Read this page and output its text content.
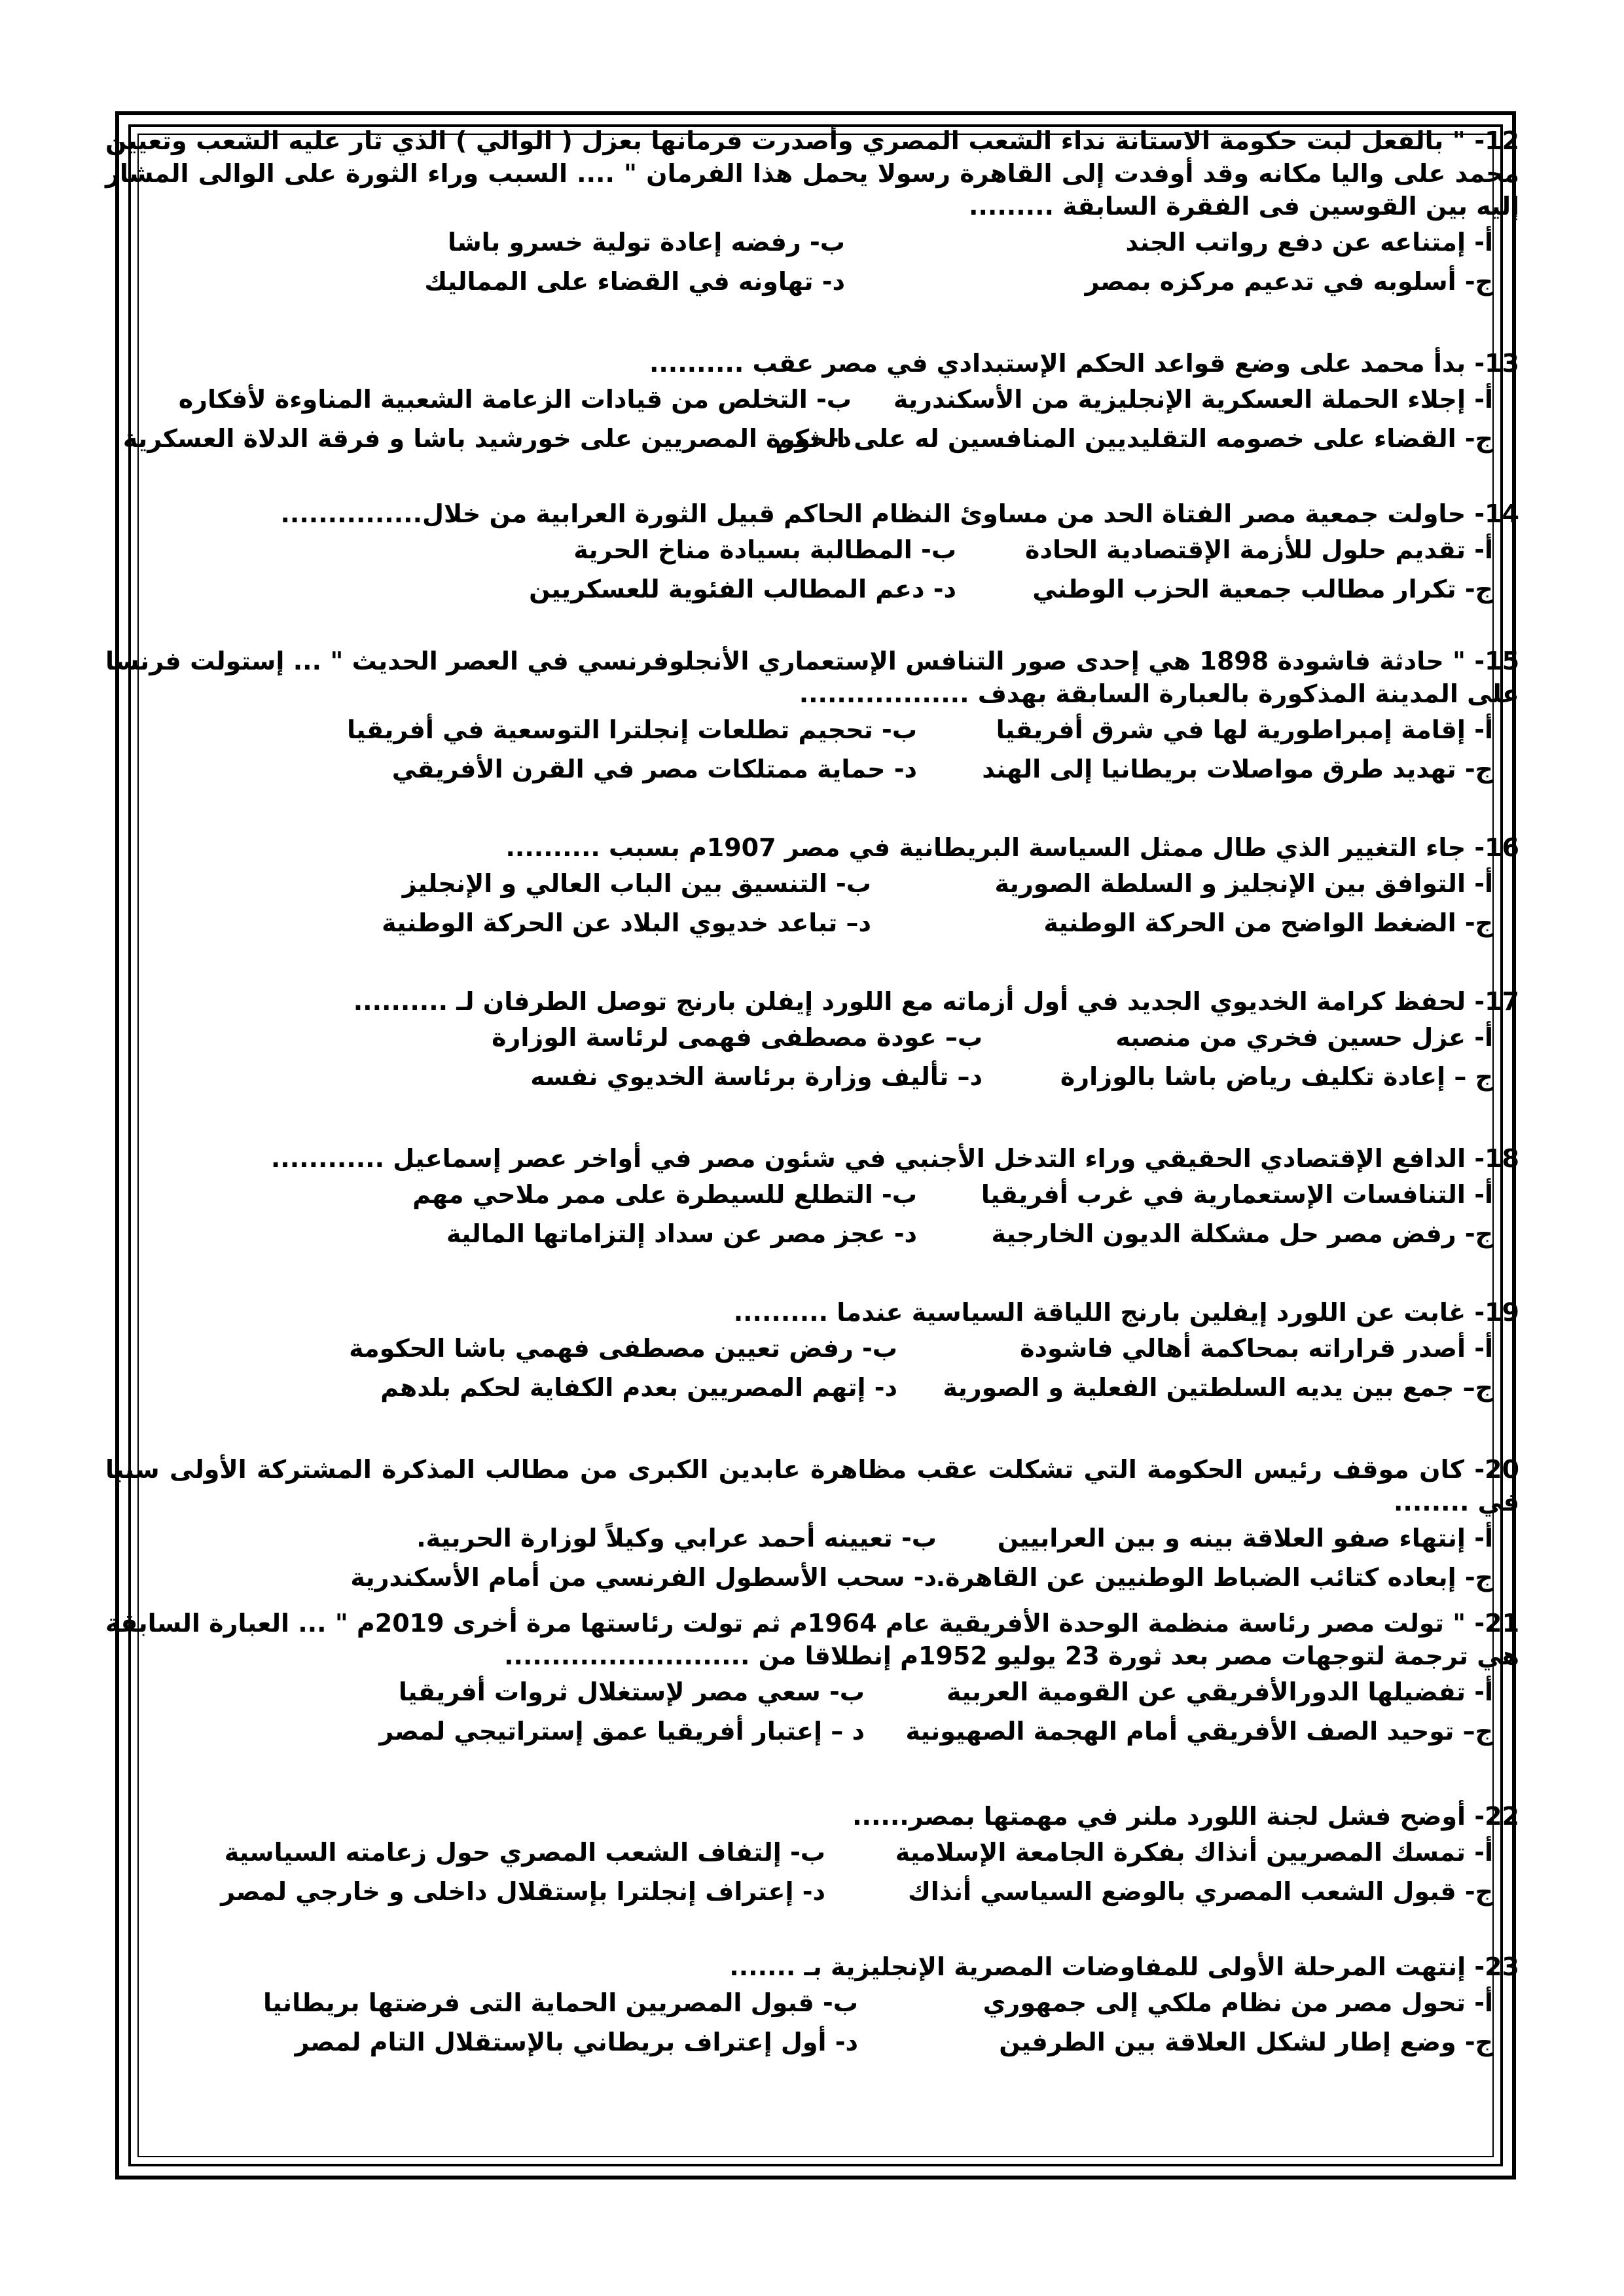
12- " بالفعل لبت حكومة الاستانة نداء الشعب المصري وأصدرت فرمانها بعزل ( الوالي ) الذي ثار عليه الشعب وتعيين محمد على واليا مكانه وقد أوفدت إلى القاهرة رسولا يحمل هذا الفرمان " .... السبب وراء الثورة على الوالى المشار إليه بين القوسين فى الفقرة السابقة .........
أ- إمتناعه عن دفع رواتب الجند
ب- رفضه إعادة تولية خسرو باشا
ج- أسلوبه في تدعيم مركزه بمصر
د- تهاونه في القضاء على المماليك
13- بدأ محمد على وضع قواعد الحكم الإستبدادي في مصر عقب ..........
أ- إجلاء الحملة العسكرية الإنجليزية من الأسكندرية
ب- التخلص من قيادات الزعامة الشعبية المناوءة لأفكاره
ج- القضاء على خصومه التقليديين المنافسين له على الحكم
د- ثورة المصريين على خورشيد باشا و فرقة الدلاة العسكرية
14- حاولت جمعية مصر الفتاة الحد من مساوئ النظام الحاكم قبيل الثورة العرابية من خلال...............
أ- تقديم حلول للأزمة الإقتصادية الحادة
ب- المطالبة بسيادة مناخ الحرية
ج- تكرار مطالب جمعية الحزب الوطني
د- دعم المطالب الفئوية للعسكريين
15- " حادثة فاشودة 1898 هي إحدى صور التنافس الإستعماري الأنجلوفرنسي في العصر الحديث " ... إستولت فرنسا على المدينة المذكورة بالعبارة السابقة بهدف ..................
أ- إقامة إمبراطورية لها في شرق أفريقيا
ب- تحجيم تطلعات إنجلترا التوسعية في أفريقيا
ج- تهديد طرق مواصلات بريطانيا إلى الهند
د- حماية ممتلكات مصر في القرن الأفريقي
16- جاء التغيير الذي طال ممثل السياسة البريطانية في مصر 1907م بسبب ..........
أ- التوافق بين الإنجليز و السلطة الصورية
ب- التنسيق بين الباب العالي و الإنجليز
ج- الضغط الواضح من الحركة الوطنية
د– تباعد خديوي البلاد عن الحركة الوطنية
17- لحفظ كرامة الخديوي الجديد في أول أزماته مع اللورد إيفلن بارنج توصل الطرفان لـ ..........
أ- عزل حسين فخري من منصبه
ب– عودة مصطفى فهمى لرئاسة الوزارة
ج – إعادة تكليف رياض باشا بالوزارة
د– تأليف وزارة برئاسة الخديوي نفسه
18- الدافع الإقتصادي الحقيقي وراء التدخل الأجنبي في شئون مصر في أواخر عصر إسماعيل ............
أ- التنافسات الإستعمارية في غرب أفريقيا
ب- التطلع للسيطرة على ممر ملاحي مهم
ج- رفض مصر حل مشكلة الديون الخارجية
د- عجز مصر عن سداد إلتزاماتها المالية
19- غابت عن اللورد إيفلين بارنج اللياقة السياسية عندما ..........
أ- أصدر قراراته بمحاكمة أهالي فاشودة
ب- رفض تعيين مصطفى فهمي باشا الحكومة
ج– جمع بين يديه السلطتين الفعلية و الصورية
د- إتهم المصريين بعدم الكفاية لحكم بلدهم
20- كان موقف رئيس الحكومة التي تشكلت عقب مظاهرة عابدين الكبرى من مطالب المذكرة المشتركة الأولى سببا في ........
أ- إنتهاء صفو العلاقة بينه و بين العرابيين
ب- تعيينه أحمد عرابي وكيلاً لوزارة الحربية.
ج- إبعاده كتائب الضباط الوطنيين عن القاهرة.
د- سحب الأسطول الفرنسي من أمام الأسكندرية
21- " تولت مصر رئاسة منظمة الوحدة الأفريقية عام 1964م ثم تولت رئاستها مرة أخرى 2019م " ... العبارة السابقة هي ترجمة لتوجهات مصر بعد ثورة 23 يوليو 1952م إنطلاقا من ..........................
أ- تفضيلها الدورالأفريقي عن القومية العربية
ب- سعي مصر لإستغلال ثروات أفريقيا
ج– توحيد الصف الأفريقي أمام الهجمة الصهيونية
د – إعتبار أفريقيا عمق إستراتيجي لمصر
22- أوضح فشل لجنة اللورد ملنر في مهمتها بمصر......
أ- تمسك المصريين أنذاك بفكرة الجامعة الإسلامية
ب- إلتفاف الشعب المصري حول زعامته السياسية
ج- قبول الشعب المصري بالوضع السياسي أنذاك
د- إعتراف إنجلترا بإستقلال داخلى و خارجي لمصر
23- إنتهت المرحلة الأولى للمفاوضات المصرية الإنجليزية بـ .......
أ- تحول مصر من نظام ملكي إلى جمهوري
ب- قبول المصريين الحماية التى فرضتها بريطانيا
ج- وضع إطار لشكل العلاقة بين الطرفين
د- أول إعتراف بريطاني بالإستقلال التام لمصر
